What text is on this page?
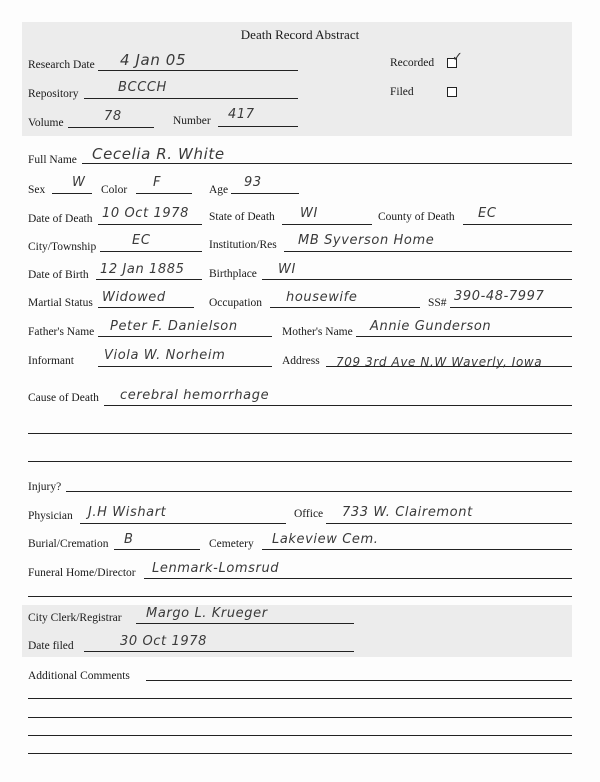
Death Record Abstract
Research Date 4 Jan 05	Recorded ✓
Repository	BCCCH	Filed
Volume	78	Number 417
Full Name Cecelia R. White
Sex W Color F	Age 93
Date of Death 10 Oct 1978 State of Death WI	County of Death EC
City/Township	EC	Institution/Res MB Syverson Home
Date of Birth 12 Jan 1885 Birthplace WI
Martial Status Widowed	Occupation housewife	SS# 390-48-7997
Father's Name Peter F. Danielson	Mother's Name Annie Gunderson
Informant Viola W. Norheim	Address 709 3rd Ave N.W Waverly, Iowa
Cause of Death cerebral hemorrhage
Injury?
Physician J.H Wishart	Office 733 W. Clairemont
Burial/Cremation B	Cemetery Lakeview Cem.
Funeral Home/Director Lenmark-Lomsrud
City Clerk/Registrar Margo L. Krueger
Date filed	30 Oct 1978
Additional Comments
